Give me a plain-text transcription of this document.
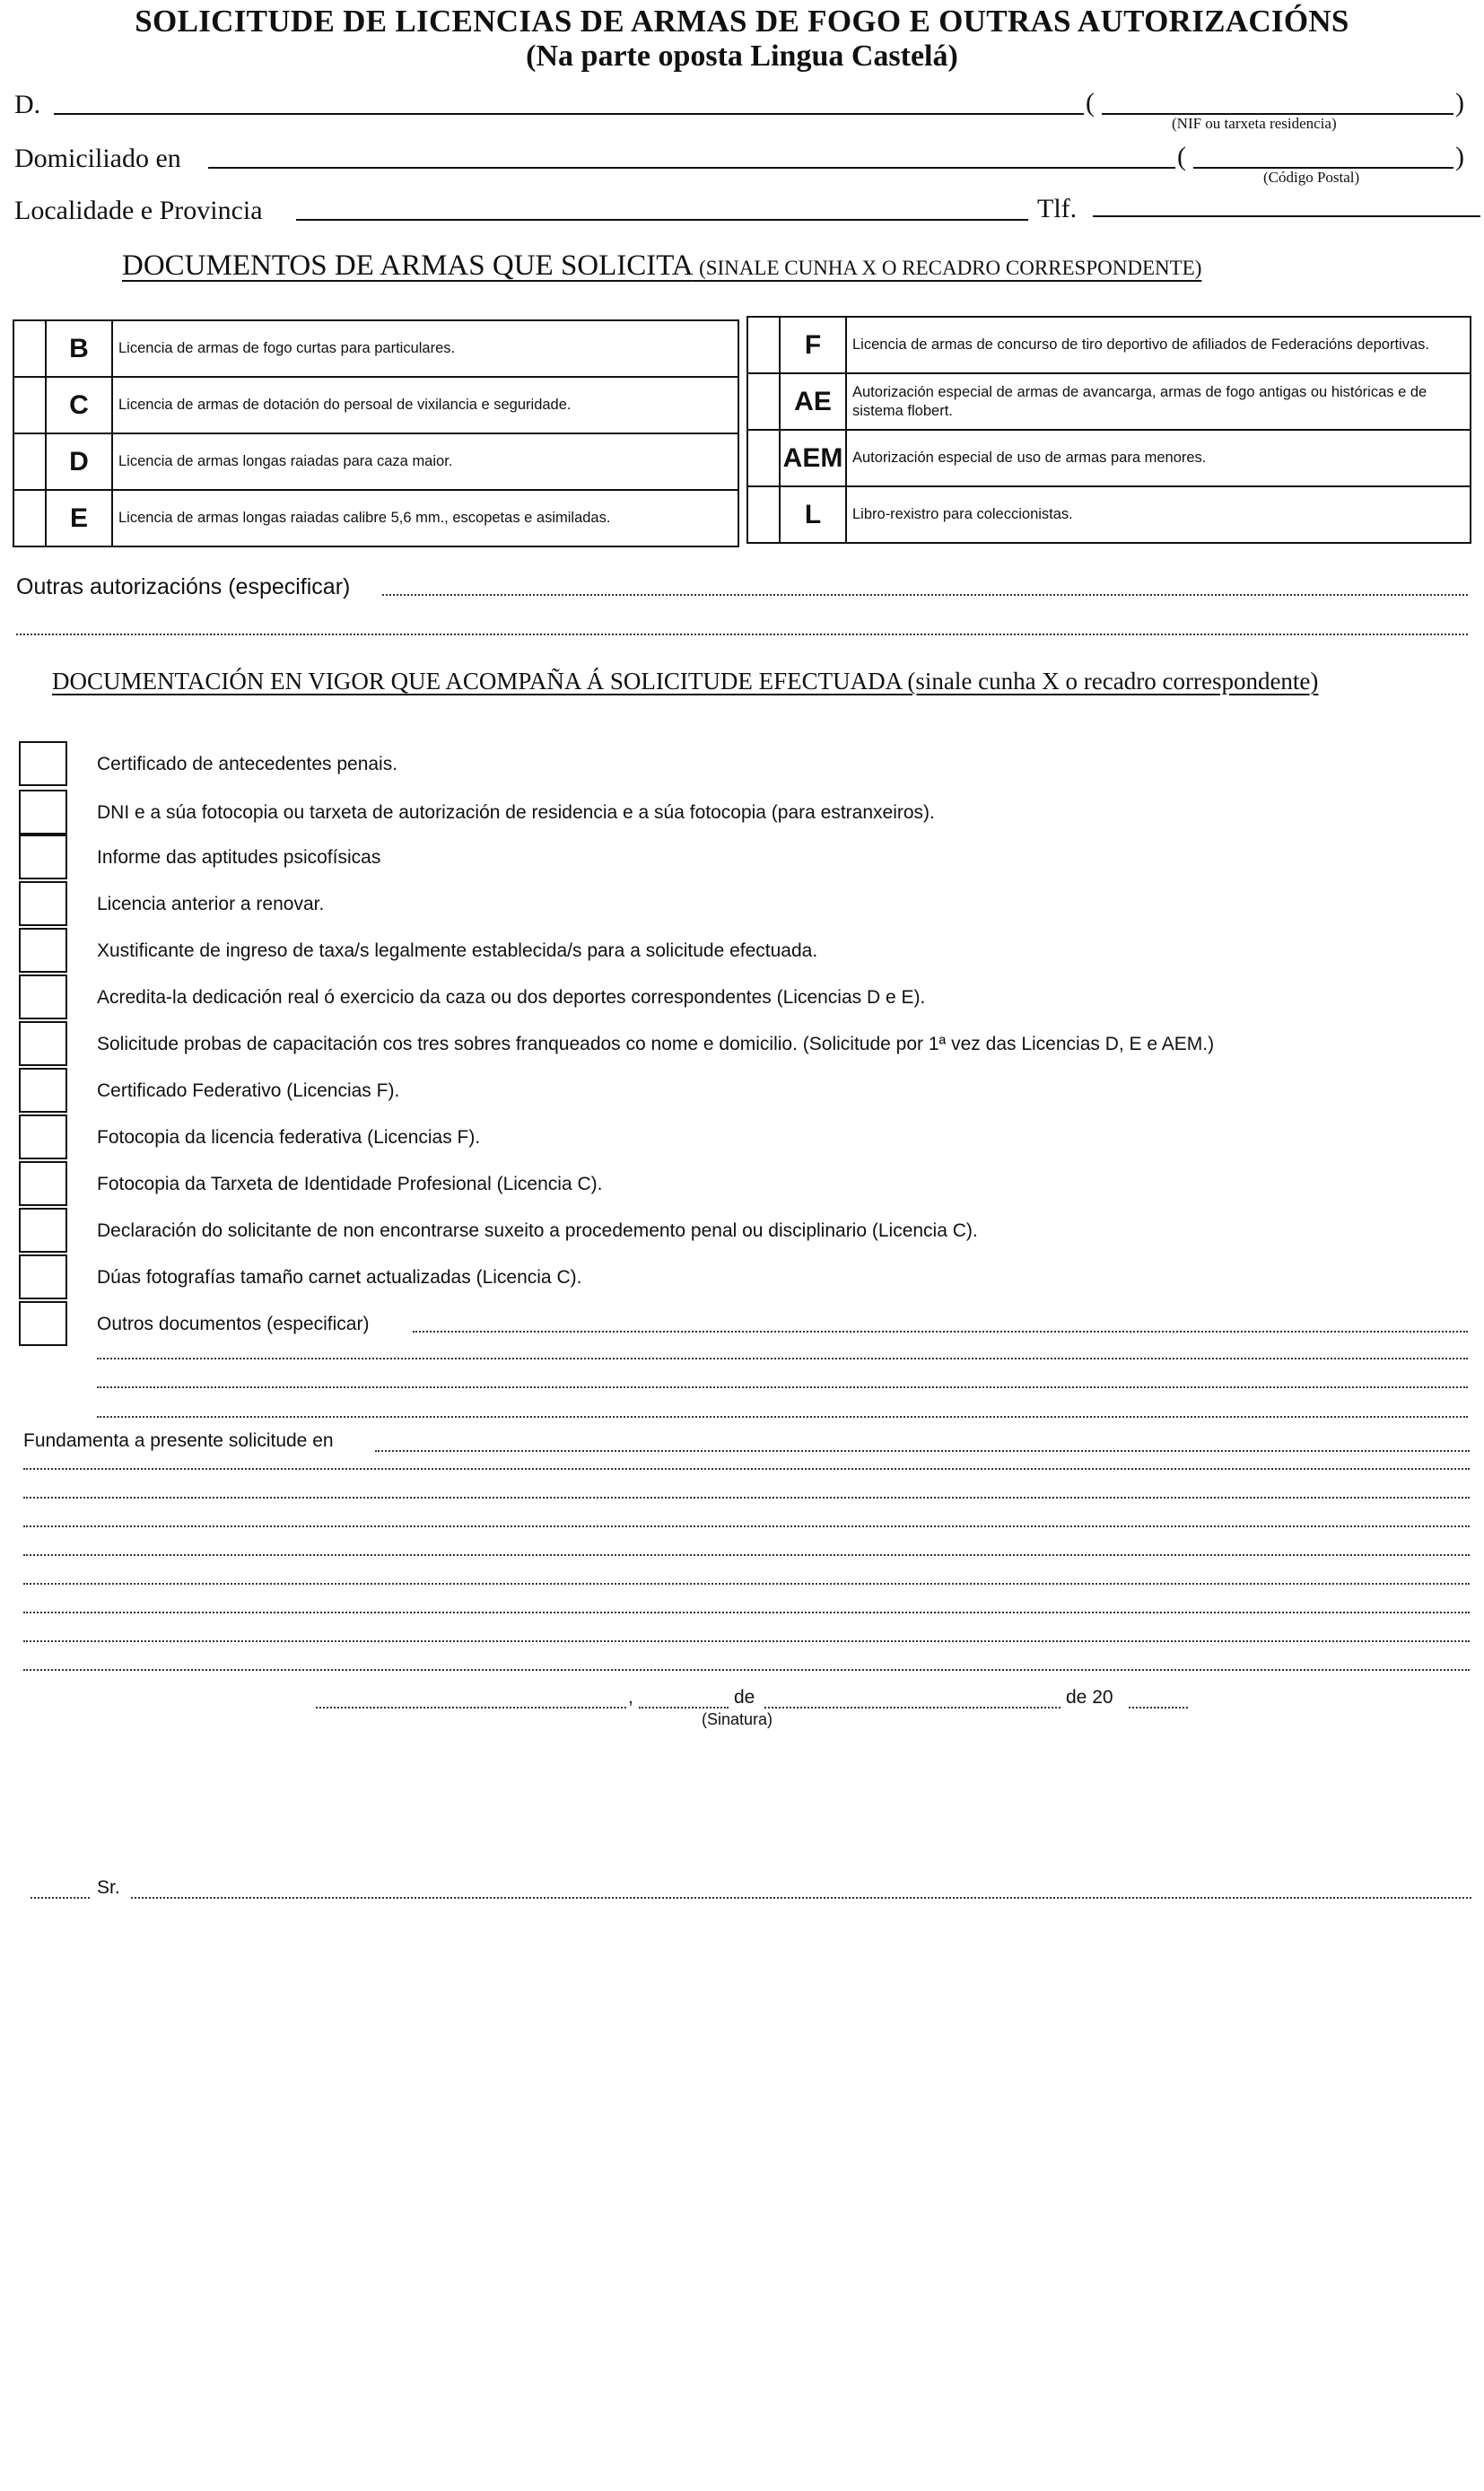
SOLICITUDE DE LICENCIAS DE ARMAS DE FOGO E OUTRAS AUTORIZACIÓNS
(Na parte oposta Lingua Castelá)
D.	(	)
(NIF ou tarxeta residencia)
Domiciliado en	(	)
(Código Postal)
Localidade e Provincia	Tlf.
DOCUMENTOS DE ARMAS QUE SOLICITA (SINALE CUNHA X O RECADRO CORRESPONDENTE)
	B	Licencia de armas de fogo curtas para particulares.
	C	Licencia de armas de dotación do persoal de vixilancia e seguridade.
	D	Licencia de armas longas raiadas para caza maior.
	E	Licencia de armas longas raiadas calibre 5,6 mm., escopetas e asimiladas.
	F	Licencia de armas de concurso de tiro deportivo de afiliados de Federacións deportivas.
	AE	Autorización especial de armas de avancarga, armas de fogo antigas ou históricas e de sistema flobert.
	AEM	Autorización especial de uso de armas para menores.
	L	Libro-rexistro para coleccionistas.
Outras autorizacións (especificar)
DOCUMENTACIÓN EN VIGOR QUE ACOMPAÑA Á SOLICITUDE EFECTUADA (sinale cunha X o recadro correspondente)
Certificado de antecedentes penais.
DNI e a súa fotocopia ou tarxeta de autorización de residencia e a súa fotocopia (para estranxeiros).
Informe das aptitudes psicofísicas
Licencia anterior a renovar.
Xustificante de ingreso de taxa/s legalmente establecida/s para a solicitude efectuada.
Acredita-la dedicación real ó exercicio da caza ou dos deportes correspondentes (Licencias D e E).
Solicitude probas de capacitación cos tres sobres franqueados co nome e domicilio. (Solicitude por 1ª vez das Licencias D, E e AEM.)
Certificado Federativo (Licencias F).
Fotocopia da licencia federativa (Licencias F).
Fotocopia da Tarxeta de Identidade Profesional (Licencia C).
Declaración do solicitante de non encontrarse suxeito a procedemento penal ou disciplinario (Licencia C).
Dúas fotografías tamaño carnet actualizadas (Licencia C).
Outros documentos (especificar)
Fundamenta a presente solicitude en
,	de	de 20
(Sinatura)
Sr.
